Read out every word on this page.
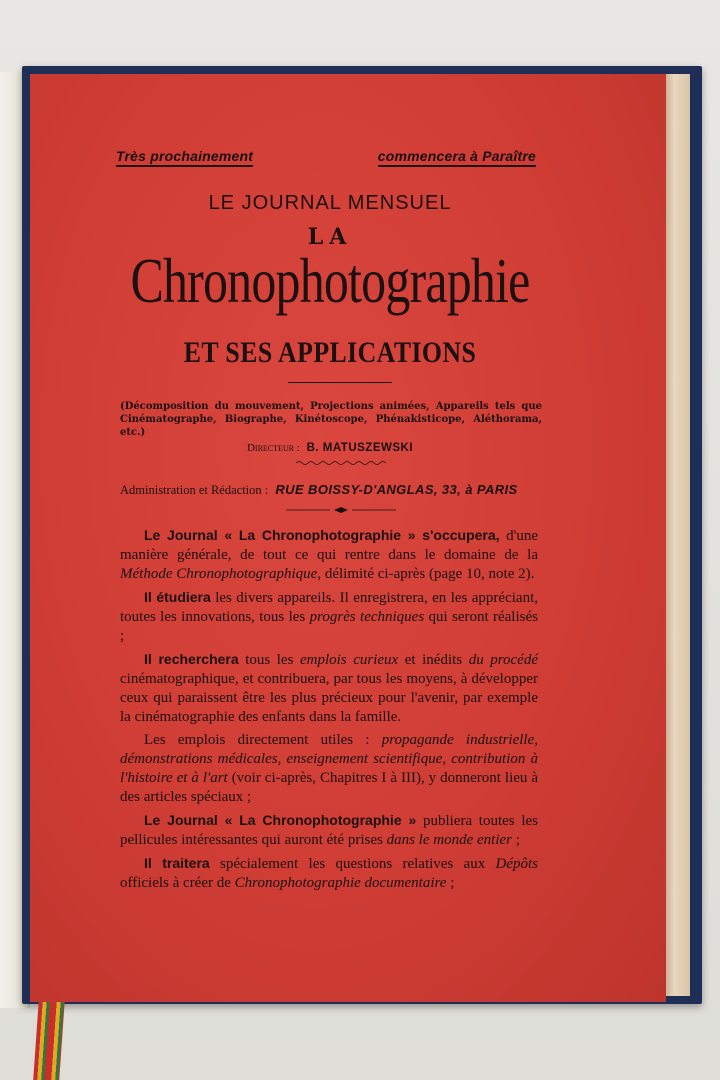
Très prochainement	commencera à Paraître
LE JOURNAL MENSUEL
LA
Chronophotographie
ET SES APPLICATIONS
(Décomposition du mouvement, Projections animées, Appareils tels que Cinématographe, Biographe, Kinétoscope, Phénakisticope, Aléthorama, etc.)
Directeur : B. MATUSZEWSKI
Administration et Rédaction : RUE BOISSY-D'ANGLAS, 33, à PARIS

Le Journal « La Chronophotographie » s'occupera, d'une manière générale, de tout ce qui rentre dans le domaine de la Méthode Chronophotographique, délimité ci-après (page 10, note 2).

Il étudiera les divers appareils. Il enregistrera, en les appréciant, toutes les innovations, tous les progrès techniques qui seront réalisés ;

Il recherchera tous les emplois curieux et inédits du procédé cinématographique, et contribuera, par tous les moyens, à développer ceux qui paraissent être les plus précieux pour l'avenir, par exemple la cinématographie des enfants dans la famille.

Les emplois directement utiles : propagande industrielle, démonstrations médicales, enseignement scientifique, contribution à l'histoire et à l'art (voir ci-après, Chapitres I à III), y donneront lieu à des articles spéciaux ;

Le Journal « La Chronophotographie » publiera toutes les pellicules intéressantes qui auront été prises dans le monde entier ;

Il traitera spécialement les questions relatives aux Dépôts officiels à créer de Chronophotographie documentaire ;
